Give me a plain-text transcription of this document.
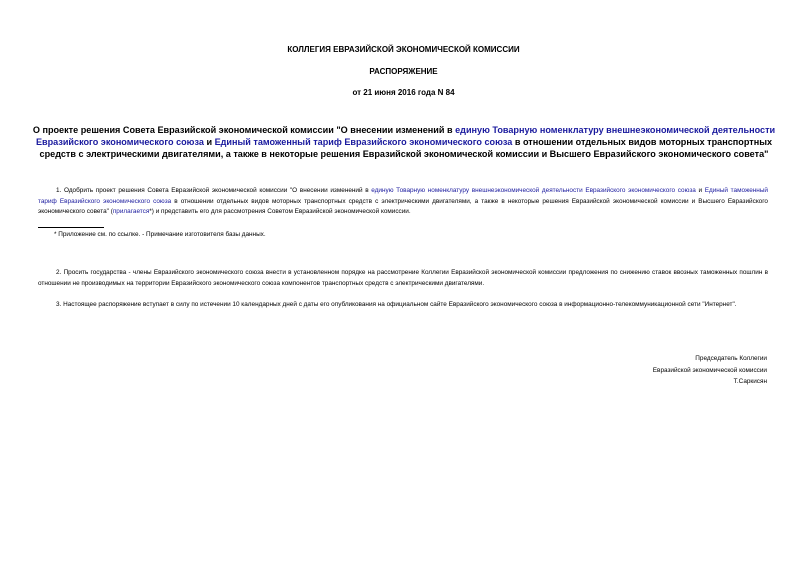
КОЛЛЕГИЯ ЕВРАЗИЙСКОЙ ЭКОНОМИЧЕСКОЙ КОМИССИИ
РАСПОРЯЖЕНИЕ
от 21 июня 2016 года N 84
О проекте решения Совета Евразийской экономической комиссии "О внесении изменений в единую Товарную номенклатуру внешнеэкономической деятельности Евразийского экономического союза и Единый таможенный тариф Евразийского экономического союза в отношении отдельных видов моторных транспортных средств с электрическими двигателями, а также в некоторые решения Евразийской экономической комиссии и Высшего Евразийского экономического совета"
1. Одобрить проект решения Совета Евразийской экономической комиссии "О внесении изменений в единую Товарную номенклатуру внешнеэкономической деятельности Евразийского экономического союза и Единый таможенный тариф Евразийского экономического союза в отношении отдельных видов моторных транспортных средств с электрическими двигателями, а также в некоторые решения Евразийской экономической комиссии и Высшего Евразийского экономического совета" (прилагается*) и представить его для рассмотрения Советом Евразийской экономической комиссии.
* Приложение см. по ссылке. - Примечание изготовителя базы данных.
2. Просить государства - члены Евразийского экономического союза внести в установленном порядке на рассмотрение Коллегии Евразийской экономической комиссии предложения по снижению ставок ввозных таможенных пошлин в отношении не производимых на территории Евразийского экономического союза компонентов транспортных средств с электрическими двигателями.
3. Настоящее распоряжение вступает в силу по истечении 10 календарных дней с даты его опубликования на официальном сайте Евразийского экономического союза в информационно-телекоммуникационной сети "Интернет".
Председатель Коллегии
Евразийской экономической комиссии
Т.Саркисян
